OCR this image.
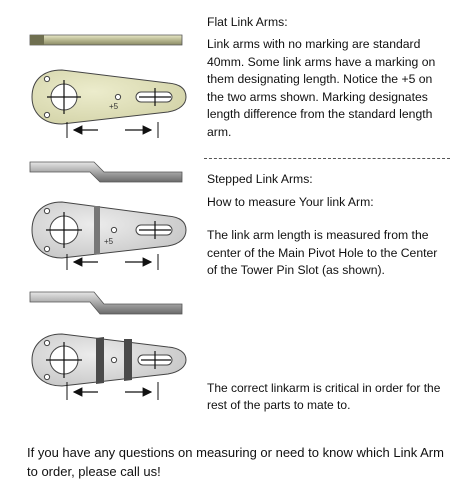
+5
+5
Flat Link Arms:
Link arms with no marking are standard 40mm. Some link arms have a marking on them designating length. Notice the +5 on the two arms shown. Marking designates length difference from the standard length arm.
Stepped Link Arms:
How to measure Your link Arm:
The link arm length is measured from the center of the Main Pivot Hole to the Center of the Tower Pin Slot (as shown).
The correct linkarm is critical in order for the rest of the parts to mate to.
If you have any questions on measuring or need to know which Link Arm to order, please call us!
